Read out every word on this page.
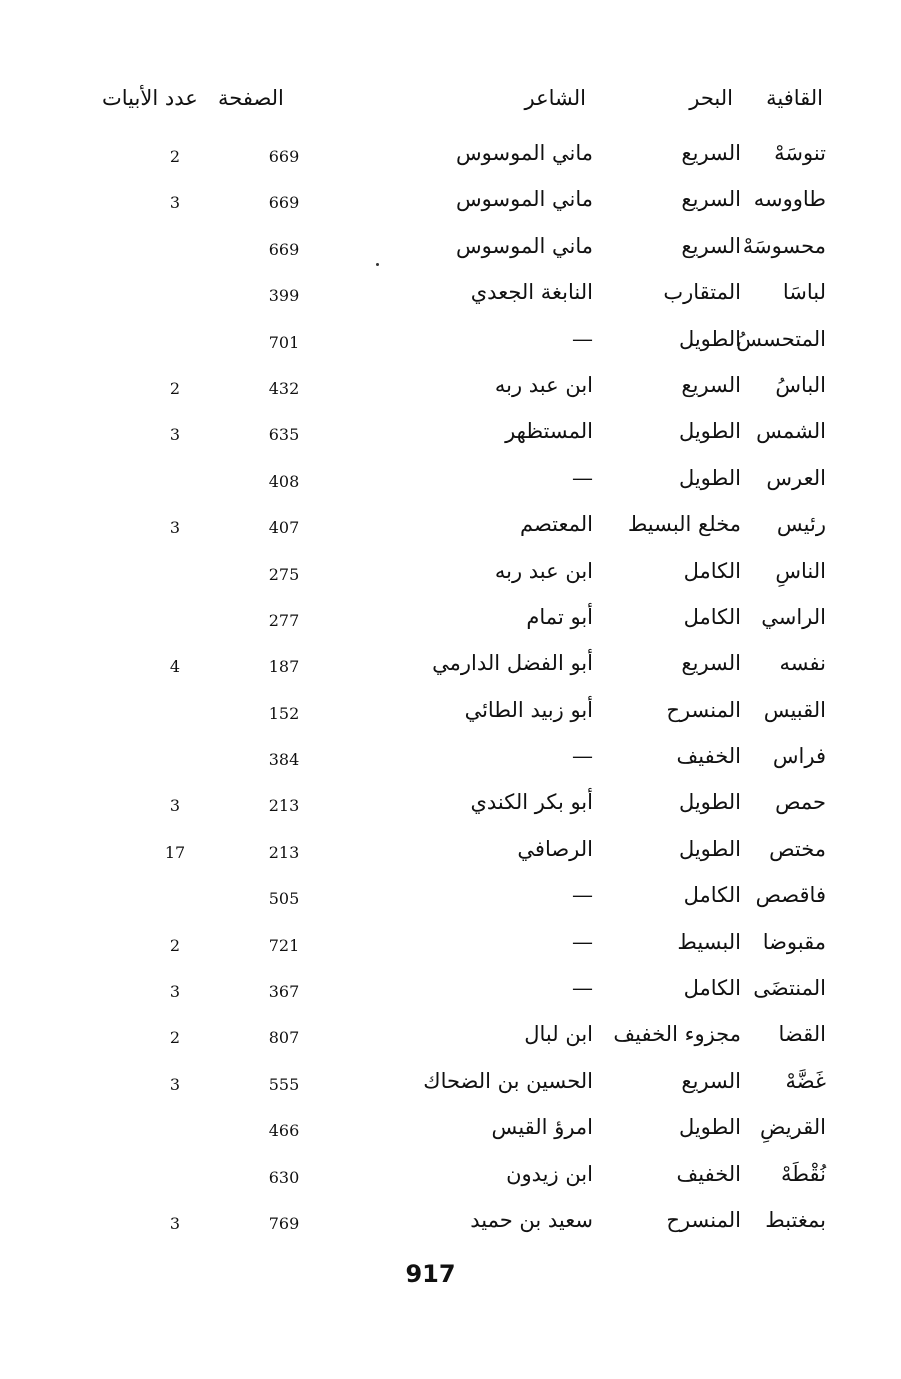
القافية
البحر
الشاعر
الصفحة
عدد الأبيات
تنوسَهْ
السريع
ماني الموسوس
669
2
طاووسه
السريع
ماني الموسوس
669
3
محسوسَهْ
السريع
ماني الموسوس
669
لباسَا
المتقارب
النابغة الجعدي
399
المتحسسُ
الطويل
—
701
الباسُ
السريع
ابن عبد ربه
432
2
الشمس
الطويل
المستظهر
635
3
العرس
الطويل
—
408
رئيس
مخلع البسيط
المعتصم
407
3
الناسِ
الكامل
ابن عبد ربه
275
الراسي
الكامل
أبو تمام
277
نفسه
السريع
أبو الفضل الدارمي
187
4
القبيس
المنسرح
أبو زبيد الطائي
152
فراس
الخفيف
—
384
حمص
الطويل
أبو بكر الكندي
213
3
مختص
الطويل
الرصافي
213
17
فاقصص
الكامل
—
505
مقبوضا
البسيط
—
721
2
المنتضَى
الكامل
—
367
3
القضا
مجزوء الخفيف
ابن لبال
807
2
غَضَّهْ
السريع
الحسين بن الضحاك
555
3
القريضِ
الطويل
امرؤ القيس
466
نُقْطَهْ
الخفيف
ابن زيدون
630
بمغتبط
المنسرح
سعيد بن حميد
769
3
917
